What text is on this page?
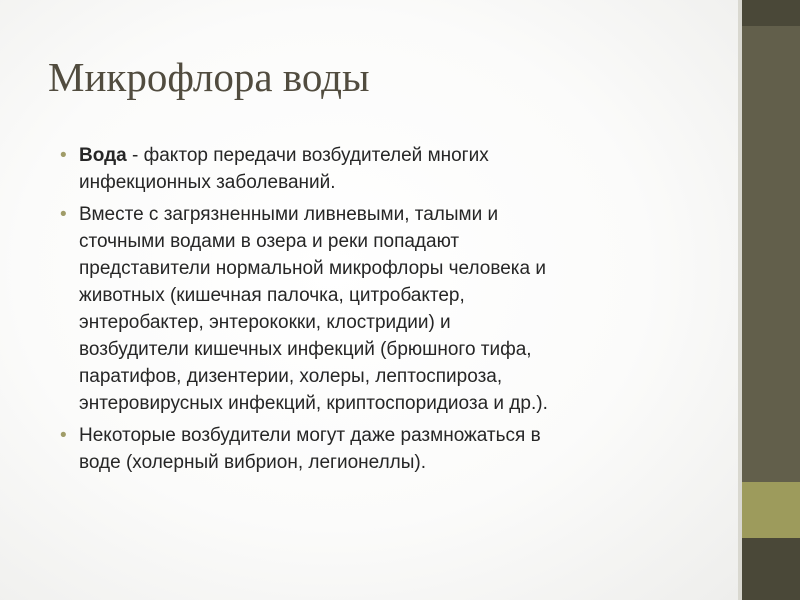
Микрофлора воды
• Вода - фактор передачи возбудителей многих
инфекционных заболеваний.
• Вместе с загрязненными ливневыми, талыми и
сточными водами в озера и реки попадают
представители нормальной микрофлоры человека и
животных (кишечная палочка, цитробактер,
энтеробактер, энтерококки, клостридии) и
возбудители кишечных инфекций (брюшного тифа,
паратифов, дизентерии, холеры, лептоспироза,
энтеровирусных инфекций, криптоспоридиоза и др.).
• Некоторые возбудители могут даже размножаться в
воде (холерный вибрион, легионеллы).
